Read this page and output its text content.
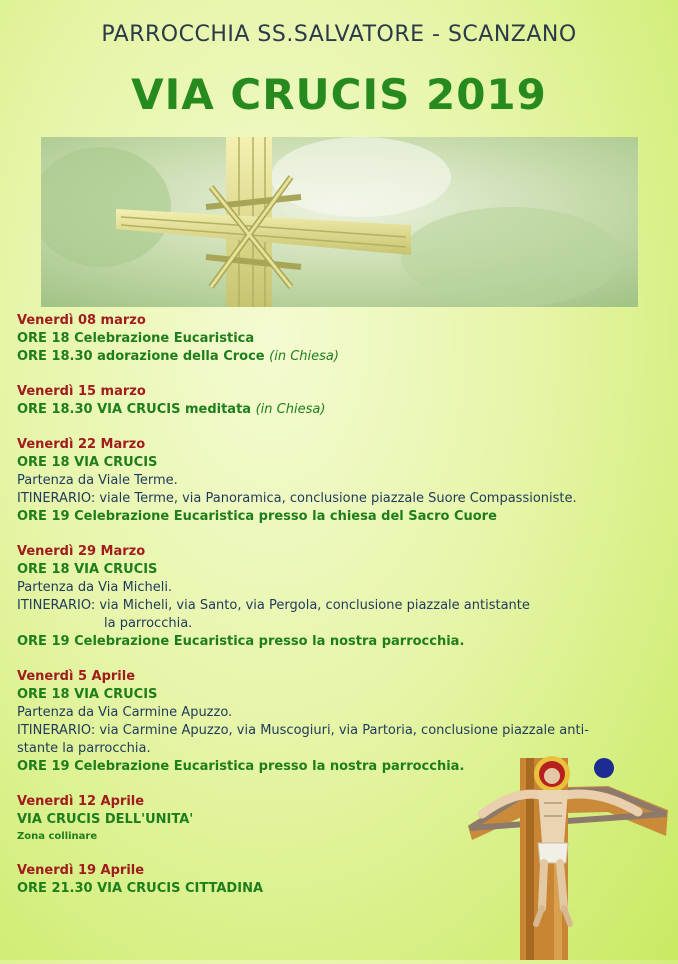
PARROCCHIA SS.SALVATORE - SCANZANO
VIA CRUCIS 2019
Venerdì 08 marzo
ORE 18 Celebrazione Eucaristica
ORE 18.30 adorazione della Croce (in Chiesa)
Venerdì 15 marzo
ORE 18.30 VIA CRUCIS meditata (in Chiesa)
Venerdì 22 Marzo
ORE 18 VIA CRUCIS
Partenza da Viale Terme.
ITINERARIO: viale Terme, via Panoramica, conclusione piazzale Suore Compassioniste.
ORE 19 Celebrazione Eucaristica presso la chiesa del Sacro Cuore
Venerdì 29 Marzo
ORE 18 VIA CRUCIS
Partenza da Via Micheli.
ITINERARIO: via Micheli, via Santo, via Pergola, conclusione piazzale antistante
la parrocchia.
ORE 19 Celebrazione Eucaristica presso la nostra parrocchia.
Venerdì 5 Aprile
ORE 18 VIA CRUCIS
Partenza da Via Carmine Apuzzo.
ITINERARIO: via Carmine Apuzzo, via Muscogiuri, via Partoria, conclusione piazzale anti-
stante la parrocchia.
ORE 19 Celebrazione Eucaristica presso la nostra parrocchia.
Venerdì 12 Aprile
VIA CRUCIS DELL'UNITA'
Zona collinare
Venerdì 19 Aprile
ORE 21.30 VIA CRUCIS CITTADINA
